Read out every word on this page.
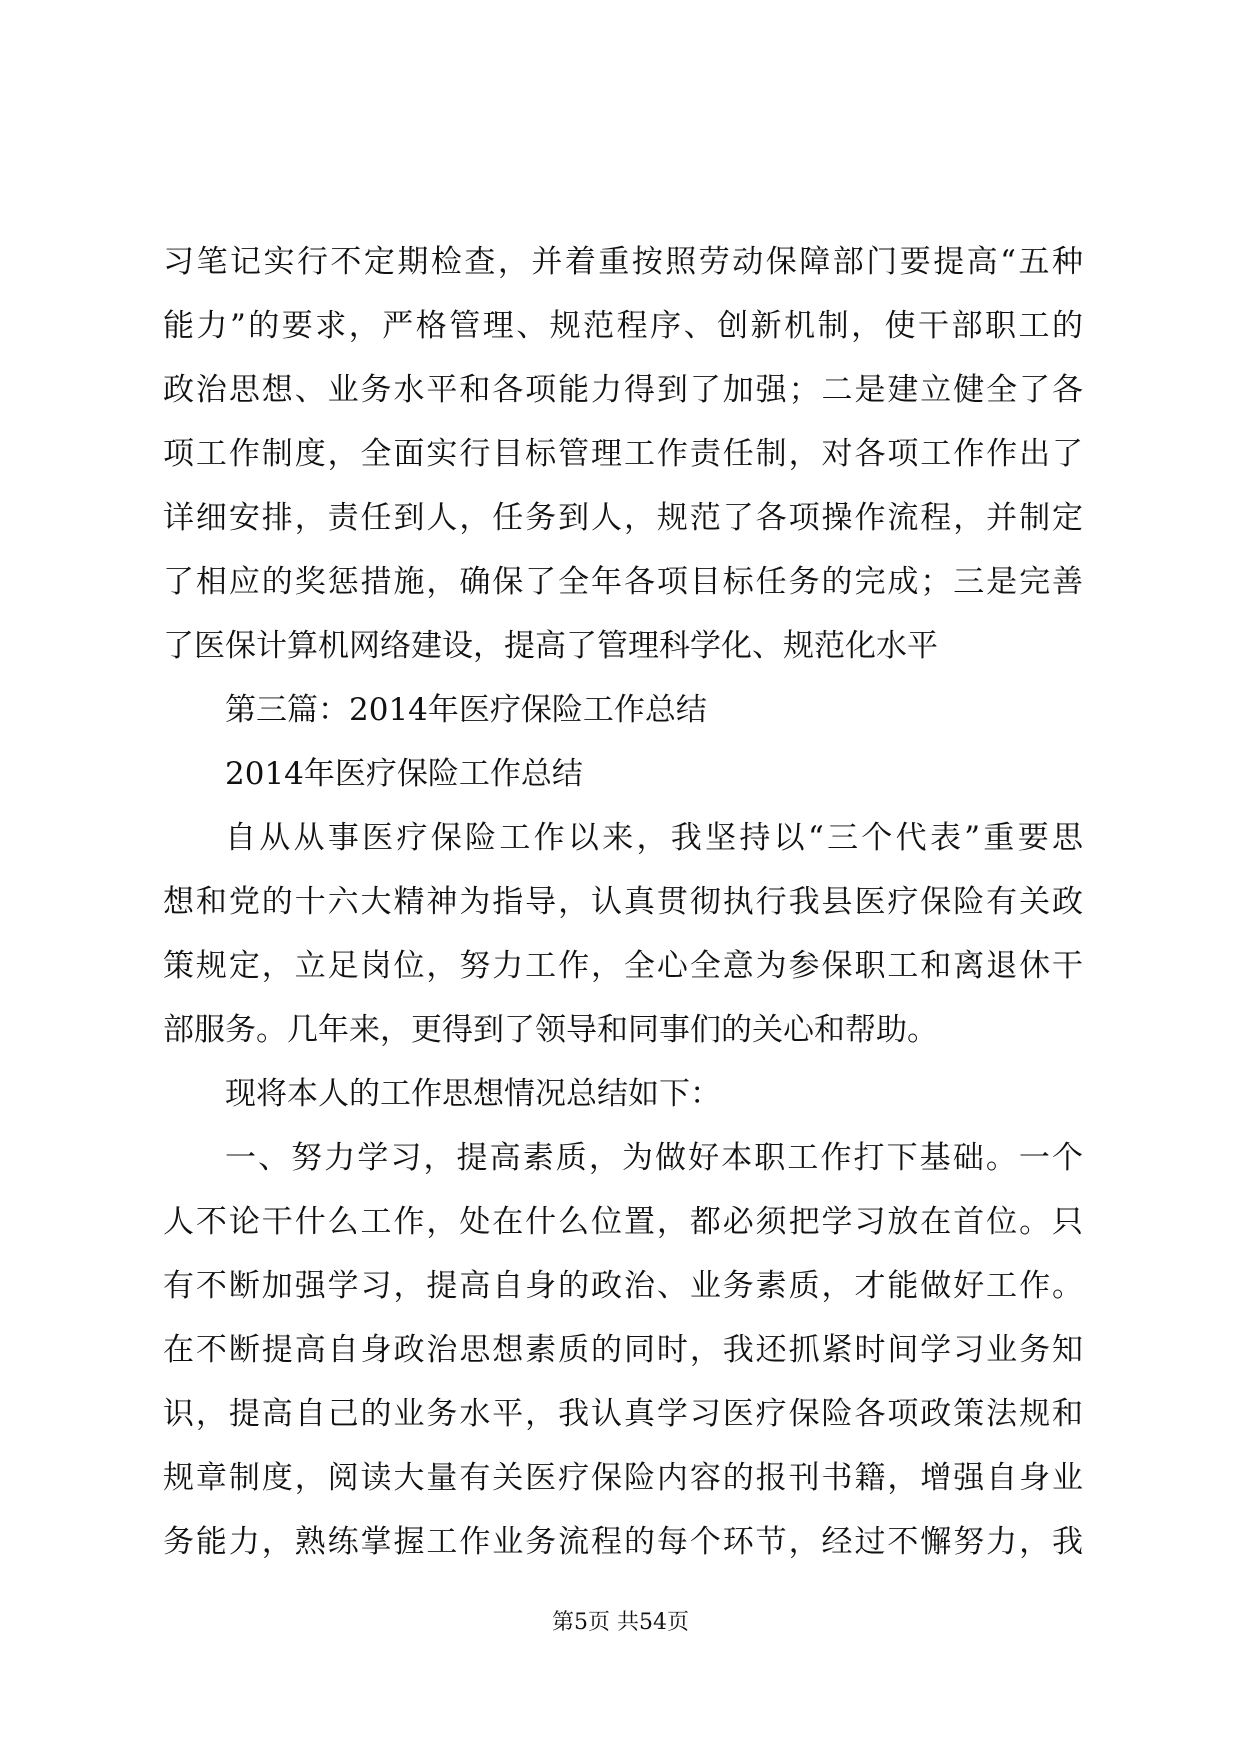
习笔记实行不定期检查，并着重按照劳动保障部门要提高“五种
能力”的要求，严格管理、规范程序、创新机制，使干部职工的
政治思想、业务水平和各项能力得到了加强；二是建立健全了各
项工作制度，全面实行目标管理工作责任制，对各项工作作出了
详细安排，责任到人，任务到人，规范了各项操作流程，并制定
了相应的奖惩措施，确保了全年各项目标任务的完成；三是完善
了医保计算机网络建设，提高了管理科学化、规范化水平
第三篇：2014年医疗保险工作总结
2014年医疗保险工作总结
自从从事医疗保险工作以来，我坚持以“三个代表”重要思
想和党的十六大精神为指导，认真贯彻执行我县医疗保险有关政
策规定，立足岗位，努力工作，全心全意为参保职工和离退休干
部服务。几年来，更得到了领导和同事们的关心和帮助。
现将本人的工作思想情况总结如下：
一、努力学习，提高素质，为做好本职工作打下基础。一个
人不论干什么工作，处在什么位置，都必须把学习放在首位。只
有不断加强学习，提高自身的政治、业务素质，才能做好工作。
在不断提高自身政治思想素质的同时，我还抓紧时间学习业务知
识，提高自己的业务水平，我认真学习医疗保险各项政策法规和
规章制度，阅读大量有关医疗保险内容的报刊书籍，增强自身业
务能力，熟练掌握工作业务流程的每个环节，经过不懈努力，我
第5页 共54页
